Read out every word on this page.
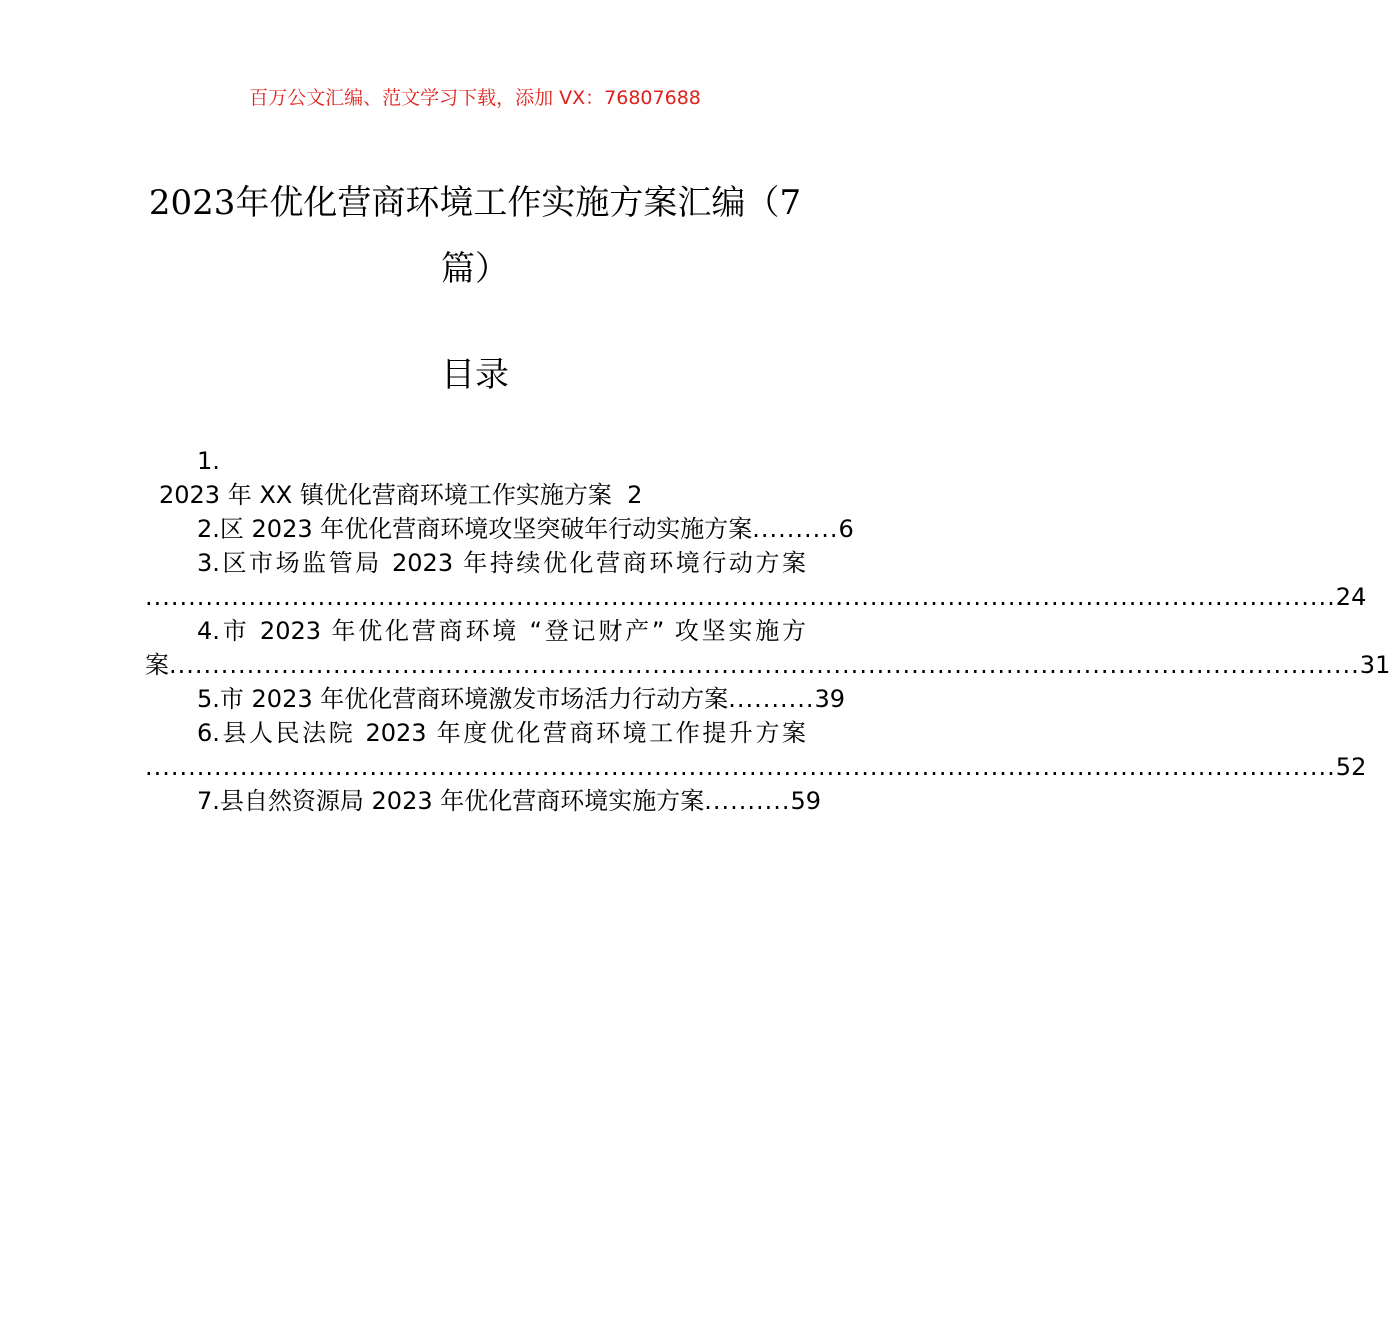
百万公文汇编、范文学习下载，添加 VX：76807688
2023年优化营商环境工作实施方案汇编（7
篇）
目录
1.
2023 年 XX 镇优化营商环境工作实施方案 2
2.区 2023 年优化营商环境攻坚突破年行动实施方案 .......... 6
3.区市场监管局 2023 年持续优化营商环境行动方案
.......................................................................................................................................... 24
4.市 2023 年优化营商环境 “登记财产” 攻坚实施方
案 .......................................................................................................................................... 31
5.市 2023 年优化营商环境激发市场活力行动方案 .......... 39
6.县人民法院 2023 年度优化营商环境工作提升方案
.......................................................................................................................................... 52
7.县自然资源局 2023 年优化营商环境实施方案 .......... 59
